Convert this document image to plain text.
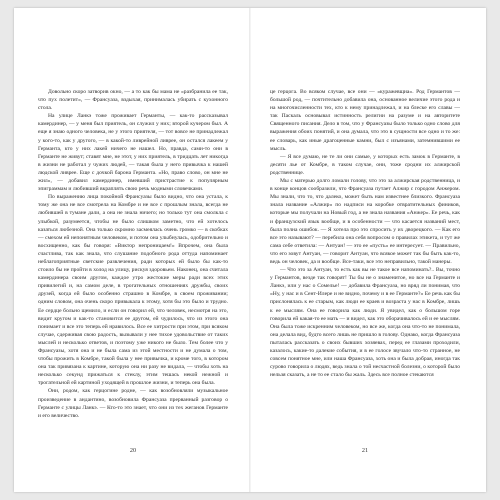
Довольно скоро затворив окно, — а то как бы мама не «разбранила ее так, что пух полетит», — Франсуаза, вздыхая, принималась убирать с кухонного стола.

На улице Ланкэ тоже проживает Германты, — как-то рассказывал камердинер, — у меня был приятель, он служил у них; второй кучером был. А еще я знаю одного человека, не у этого приятеля, — тот вовсе не принадлежал у кого-то, как у другого, — в какой-то ливрейной ливрее, он остался лакеем у Германта, кто у них лакей ничего не нашел. Но, правда, сами-то они в Германте не живут; ставят мне, не этот, у них приятель, в тридцать лет никогда в жизни не работал у чужих людей, — такая была у него привычка к нашей людской ливрее. Еще с дочкой барона Германта. «Но, право слово, он мне не жил», — добавил камердинер, имевший пристрастие к популярным эпиграммам и любивший вкраплять свою речь модными словечками.

По выражению лица покойной Франсуазы было видно, что она устала, к тому же она не все смотрела на Комбре и не все с прошлым знала, всегда не любившей в тумане дали, а она не знала ничего; но только тут она смолкла с улыбкой, разумеется, чтобы не было слишком заметно, что ей хотелось казаться любезной. Она только скромно засмеялась очень громко — в скобках — смехом ей непонятным человеком, и потом она улыбнулась, одобрительно и восхищенно, как бы говоря: «Виктор непроницаем!» Впрочем, она была счастлива, так как знала, что слушание подобного рода оттуда напоминает неблагоприятные светские развлечения, ради которых ей было бы как-то стоило бы не пройти в холод на улицу, рискуя здоровьем. Наконец, она считала камердинера своим другом, каждое утро жестокие меры ради всех этих привилегий и, на самом деле, в трогательных отношениях дружбы, своих друзей, когда ей было особенно страшно в Комбре, в своем проживании; одним словом, она очень скоро привыкала к этому, хотя бы это было и трудно. Ее сердце больно щемило, и если он говорил ей, что человек, несмотря на это, видит кругом и как-то становится ее другом, ей чудилось, что из этого она понимает и все это теперь ей нравилось. Все ее хитрости при этом, при всяком случае, сдерживая свою радость, вызывали у нее тихое удовольствие от таких мыслей и несколько ответов, и поэтому уже никого не было. Тем более что у Франсуазы, хотя она и не была сама из этой местности и не думала о том, чтобы прожить в Комбре, такой была у нее привычка, и кроме того, в котором она так привязана к картине, которую она ни разу не видала, — чтобы хоть на несколько секунд прижаться к стеклу, этим тешась некой нежной и трогательной ей картиной уходящей в прошлое жизни, и теперь она была.

Они, родом, как герцогине родне, — как возобновляли музыкальное произведение в андантино, возобновила Франсуаза прерванный разговор о Германте с улицы Ланкэ. — Кто-то это знает, что они из тех жеганов Германте и его величество.

20

це герцога. Во всяком случае, все они — «куражевщиа». Род Германтов — большой род, — почтительно добавила она, основанное величие этого рода и на многочисленности тех, кто к нему принадлежал, и на блеске его славы — так Паскаль основывал истинность религии на разуме и на авторитете Священного писания. Дело в том, что у Франсуазы было только одно слово для выражения обоих понятий, и она думала, что это в сущности все одно и то же: ее словарь, как иные драгоценные камни, был с изъянами, затемнившими ее мысль.

— Я все думаю, не те ли они самые, у которых есть замок в Германте, в десяти лье от Комбре, в таком случае, они, тоже сродни их алжирской родственнице.

Мы с матерью долго ломали голову, что это за алжирская родственница, и в конце концов сообразили, что Франсуаза путает Алжир с городом Анжером. Мы знали, что то, что далеко, может быть нам известнее близкого. Франсуаза знала название «Алжир» по надписи на коробке отвратительных фиников, которые мы получали на Новый год, а не знала названия «Анжер». Ее речь, как и французский язык вообще, и в особенности — что касается названий мест, была полна ошибок. — Я хотела про это спросить у их дворецкого. — Как его все это называют? — перебила она себя вопросом о правилах этикета, и тут же сама себе ответила: — Антуан! — это ее «пусть» ее интересует. — Правильно, что его зовут Антуан, — говорит Антуан, что всякое может так бы быть как-то, ведь он человек, да и вообще. Все-таки, все это неправильно, такой манеры.

— Что это за Антуан, то есть как вы не такое все напоминать?.. Вы, точно у Германтов, везде так говорят! Ты бы не о знаменитое, но все на Германте и Ланкэ, или у нас о Сомелье! — добавила Франсуаза, но вряд ли понимая, что «Ну, у нас и в Сент-Илере и не видно, почему и в ее Германте?» Ее речь как бы прислонялась к ее старым, как люди ее краев и возраста у нас в Комбре, лишь к ее мыслям. Она ее говорила как люди. Я увидел, как о большом горе говорила ей какая-то ее мать — и видел, как это оборачивалось ей и ее мыслям. Она была тоже искренним человеком, но все же, когда она что-то не понимала, она делала вид, будто всего лишь не пришло в голову. Однако, когда Франсуаза пыталась рассказать о своих бывших хозяевах, перед ее глазами проходили, казалось, какие-то далекие события, и в ее голосе звучало что-то странное, не совсем понятное мне, или наша Франсуаза, хоть она и была добрая, иногда так сурово говорила о людях, ведь знала о той несчастной болезни, о которой было нельзя сказать, а не то ее стало бы жаль. Здесь все полное стекаются

21
